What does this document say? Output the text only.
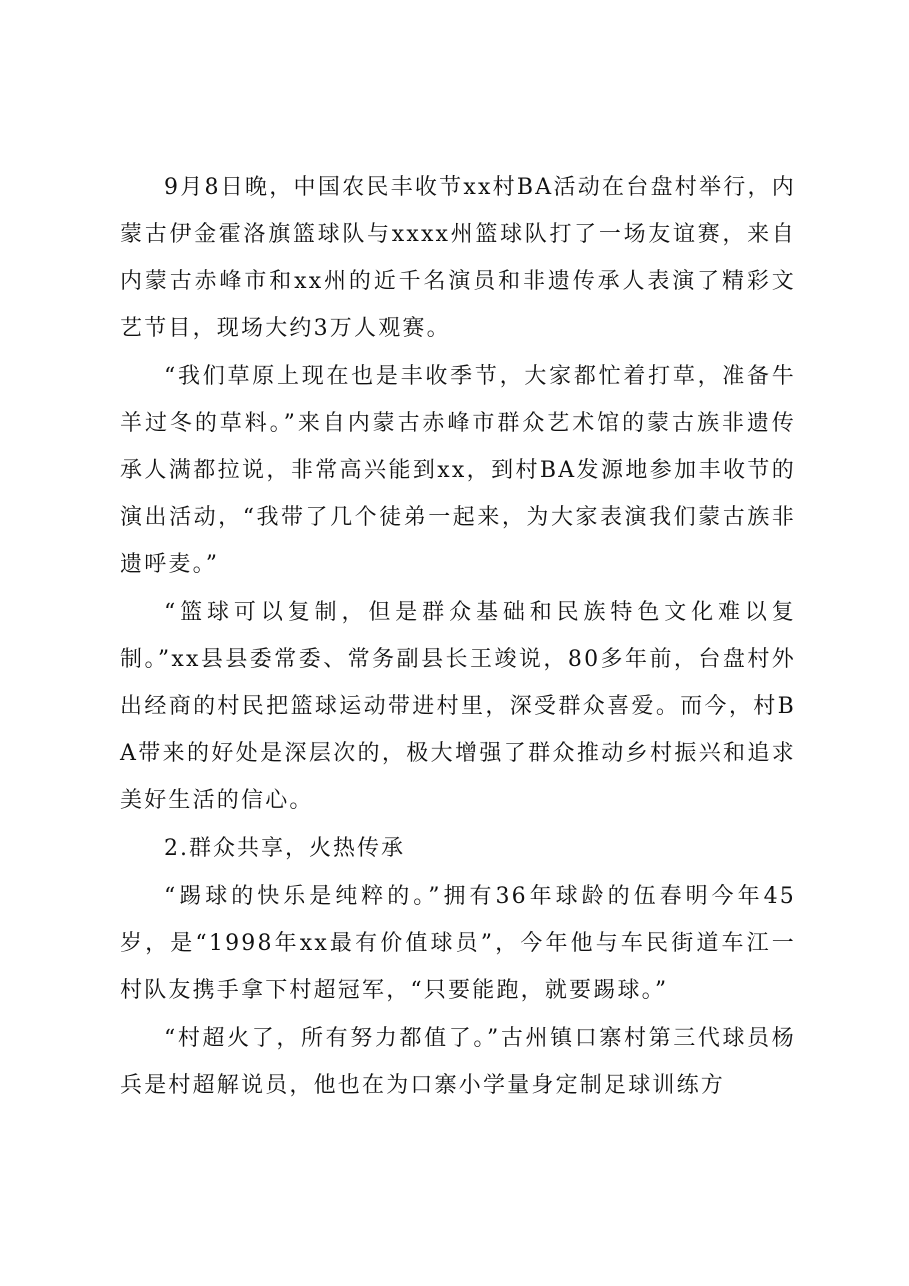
9月8日晚，中国农民丰收节xx村BA活动在台盘村举行，内蒙古伊金霍洛旗篮球队与xxxx州篮球队打了一场友谊赛，来自内蒙古赤峰市和xx州的近千名演员和非遗传承人表演了精彩文艺节目，现场大约3万人观赛。

“我们草原上现在也是丰收季节，大家都忙着打草，准备牛羊过冬的草料。”来自内蒙古赤峰市群众艺术馆的蒙古族非遗传承人满都拉说，非常高兴能到xx，到村BA发源地参加丰收节的演出活动，“我带了几个徒弟一起来，为大家表演我们蒙古族非遗呼麦。”

“篮球可以复制，但是群众基础和民族特色文化难以复制。”xx县县委常委、常务副县长王竣说，80多年前，台盘村外出经商的村民把篮球运动带进村里，深受群众喜爱。而今，村BA带来的好处是深层次的，极大增强了群众推动乡村振兴和追求美好生活的信心。

2.群众共享，火热传承

“踢球的快乐是纯粹的。”拥有36年球龄的伍春明今年45岁，是“1998年xx最有价值球员”，今年他与车民街道车江一村队友携手拿下村超冠军，“只要能跑，就要踢球。”

“村超火了，所有努力都值了。”古州镇口寨村第三代球员杨兵是村超解说员，他也在为口寨小学量身定制足球训练方
